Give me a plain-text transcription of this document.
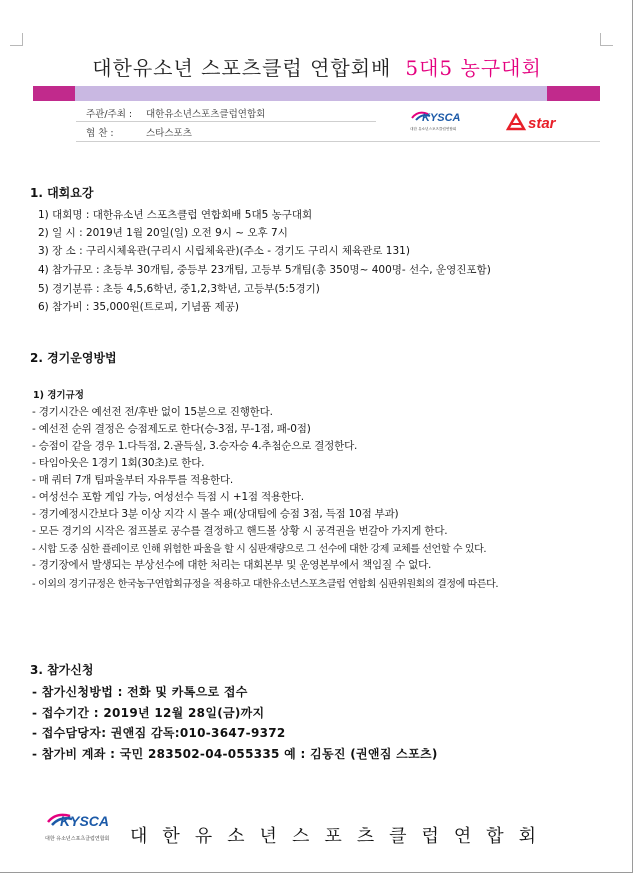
대한유소년 스포츠클럽 연합회배 5대5 농구대회
주관/주최 : 대한유소년스포츠클럽연합회
협 찬 :	스타스포츠
KYSCA
대한 유소년스포츠클럽연합회	star
1. 대회요강
1) 대회명 : 대한유소년 스포츠클럽 연합회배 5대5 농구대회
2) 일 시 : 2019년 1월 20일(일) 오전 9시 ~ 오후 7시
3) 장 소 : 구리시체육관(구리시 시립체육관)(주소 - 경기도 구리시 체육관로 131)
4) 참가규모 : 초등부 30개팀, 중등부 23개팀, 고등부 5개팀(총 350명~ 400명- 선수, 운영진포함)
5) 경기분류 : 초등 4,5,6학년, 중1,2,3학년, 고등부(5:5경기)
6) 참가비 : 35,000원(트로피, 기념품 제공)
2. 경기운영방법
1) 경기규정
- 경기시간은 예선전 전/후반 없이 15분으로 진행한다.
- 예선전 순위 결정은 승점제도로 한다(승-3점, 무-1점, 패-0점)
- 승점이 같을 경우 1.다득점, 2.골득실, 3.승자승 4.추첨순으로 결정한다.
- 타임아웃은 1경기 1회(30초)로 한다.
- 매 쿼터 7개 팀파울부터 자유투를 적용한다.
- 여성선수 포함 게임 가능, 여성선수 득점 시 +1점 적용한다.
- 경기예정시간보다 3분 이상 지각 시 몰수 패(상대팀에 승점 3점, 득점 10점 부과)
- 모든 경기의 시작은 점프볼로 공수를 결정하고 핸드볼 상황 시 공격권을 번갈아 가지게 한다.
- 시합 도중 심한 플레이로 인해 위험한 파울을 할 시 심판재량으로 그 선수에 대한 강제 교체를 선언할 수 있다.
- 경기장에서 발생되는 부상선수에 대한 처리는 대회본부 및 운영본부에서 책임질 수 없다.
- 이외의 경기규정은 한국농구연합회규정을 적용하고 대한유소년스포츠클럽 연합회 심판위원회의 결정에 따른다.
3. 참가신청
- 참가신청방법 : 전화 및 카톡으로 접수
- 접수기간 : 2019년 12월 28일(금)까지
- 접수담당자: 권앤짐 감독:010-3647-9372
- 참가비 계좌 : 국민 283502-04-055335 예 : 김동진 (권앤짐 스포츠)
KYSCA
대한 유소년스포츠클럽연합회 대한유소년스포츠클럽연합회
